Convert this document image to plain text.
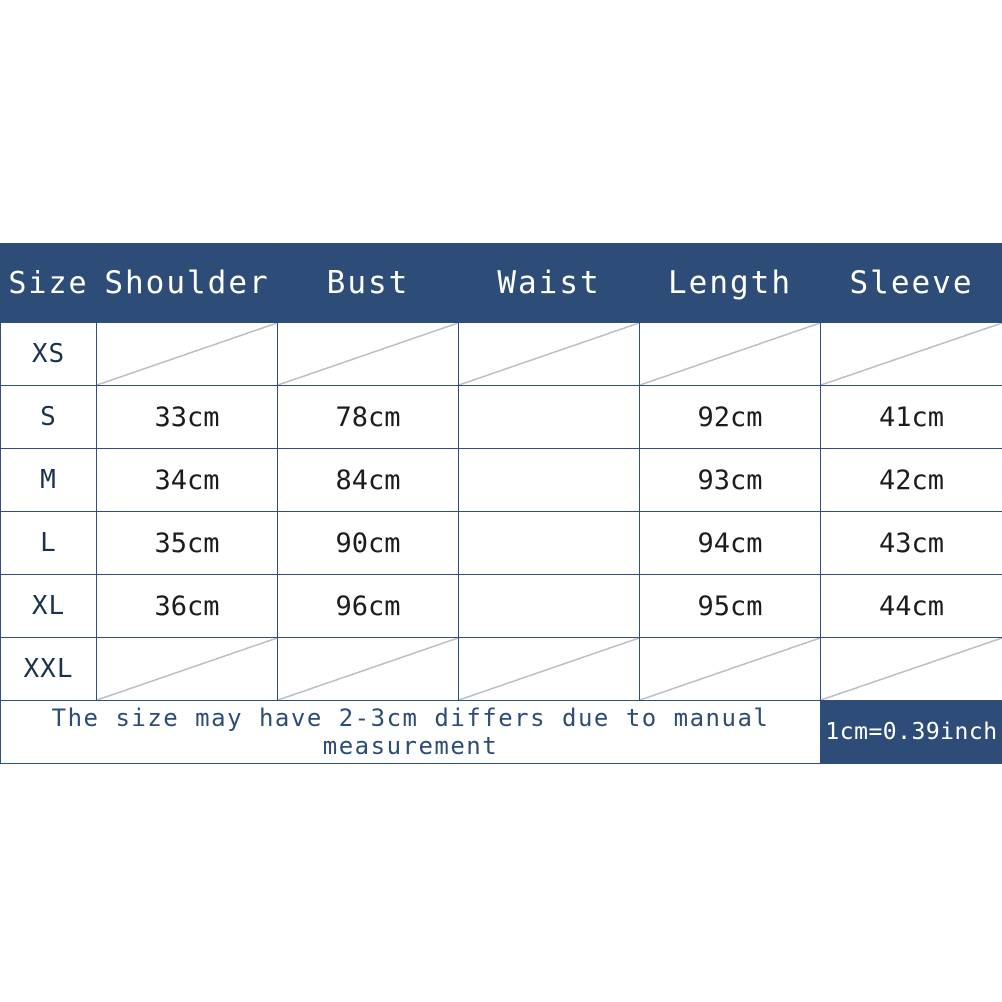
Size	Shoulder	Bust	Waist	Length	Sleeve
XS					
S	33cm	78cm		92cm	41cm
M	34cm	84cm		93cm	42cm
L	35cm	90cm		94cm	43cm
XL	36cm	96cm		95cm	44cm
XXL					
The size may have 2-3cm differs due to manual measurement					1cm=0.39inch
